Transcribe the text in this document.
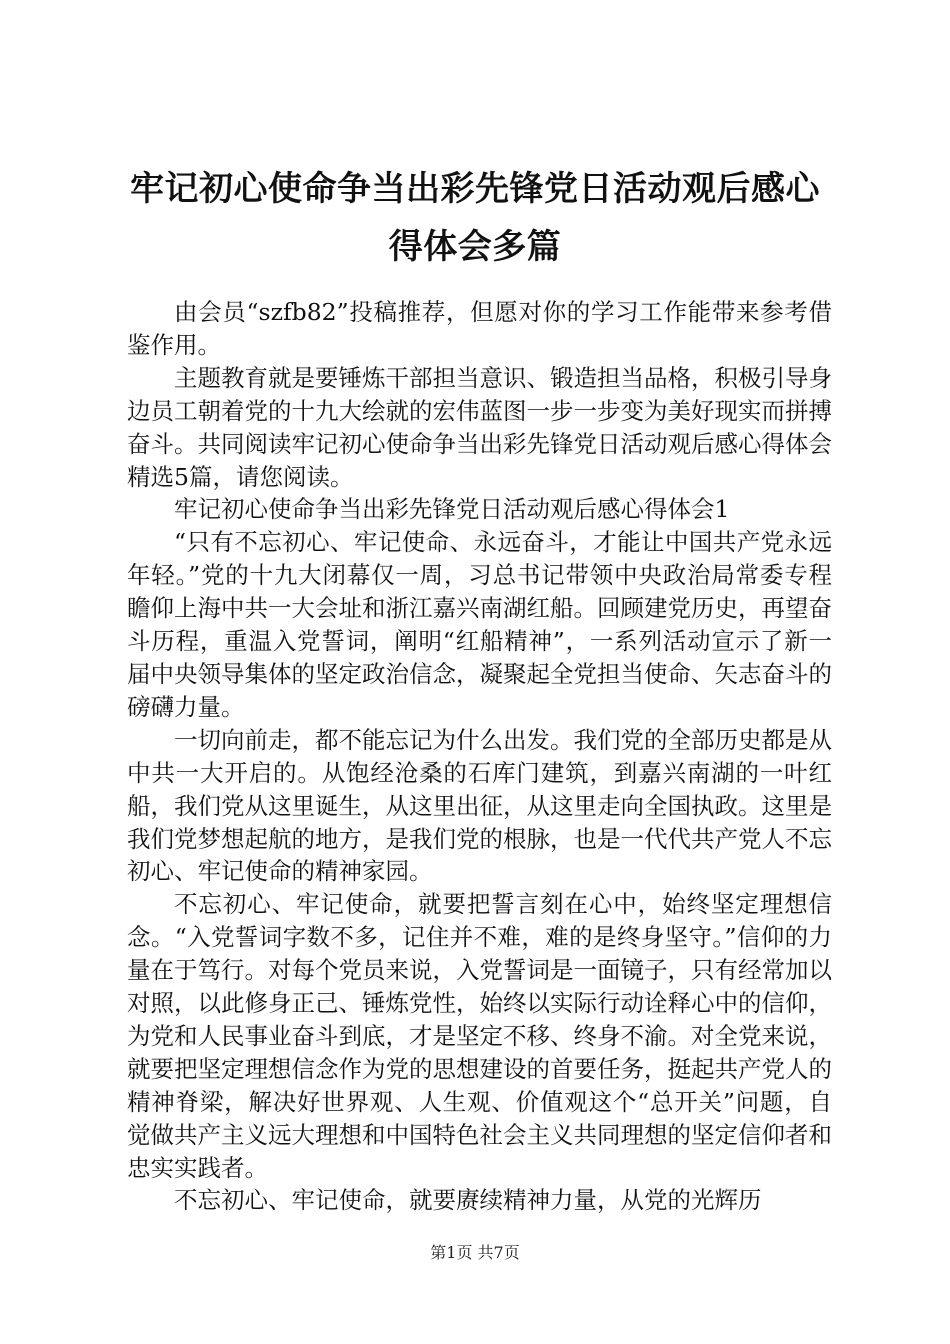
牢记初心使命争当出彩先锋党日活动观后感心
得体会多篇

由会员“szfb82”投稿推荐，但愿对你的学习工作能带来参考借鉴作用。

主题教育就是要锤炼干部担当意识、锻造担当品格，积极引导身边员工朝着党的十九大绘就的宏伟蓝图一步一步变为美好现实而拼搏奋斗。共同阅读牢记初心使命争当出彩先锋党日活动观后感心得体会精选5篇，请您阅读。

牢记初心使命争当出彩先锋党日活动观后感心得体会1

“只有不忘初心、牢记使命、永远奋斗，才能让中国共产党永远年轻。”党的十九大闭幕仅一周，习总书记带领中央政治局常委专程瞻仰上海中共一大会址和浙江嘉兴南湖红船。回顾建党历史，再望奋斗历程，重温入党誓词，阐明“红船精神”，一系列活动宣示了新一届中央领导集体的坚定政治信念，凝聚起全党担当使命、矢志奋斗的磅礴力量。

一切向前走，都不能忘记为什么出发。我们党的全部历史都是从中共一大开启的。从饱经沧桑的石库门建筑，到嘉兴南湖的一叶红船，我们党从这里诞生，从这里出征，从这里走向全国执政。这里是我们党梦想起航的地方，是我们党的根脉，也是一代代共产党人不忘初心、牢记使命的精神家园。

不忘初心、牢记使命，就要把誓言刻在心中，始终坚定理想信念。“入党誓词字数不多，记住并不难，难的是终身坚守。”信仰的力量在于笃行。对每个党员来说，入党誓词是一面镜子，只有经常加以对照，以此修身正己、锤炼党性，始终以实际行动诠释心中的信仰，为党和人民事业奋斗到底，才是坚定不移、终身不渝。对全党来说，就要把坚定理想信念作为党的思想建设的首要任务，挺起共产党人的精神脊梁，解决好世界观、人生观、价值观这个“总开关”问题，自觉做共产主义远大理想和中国特色社会主义共同理想的坚定信仰者和忠实实践者。

不忘初心、牢记使命，就要赓续精神力量，从党的光辉历

第1页 共7页
